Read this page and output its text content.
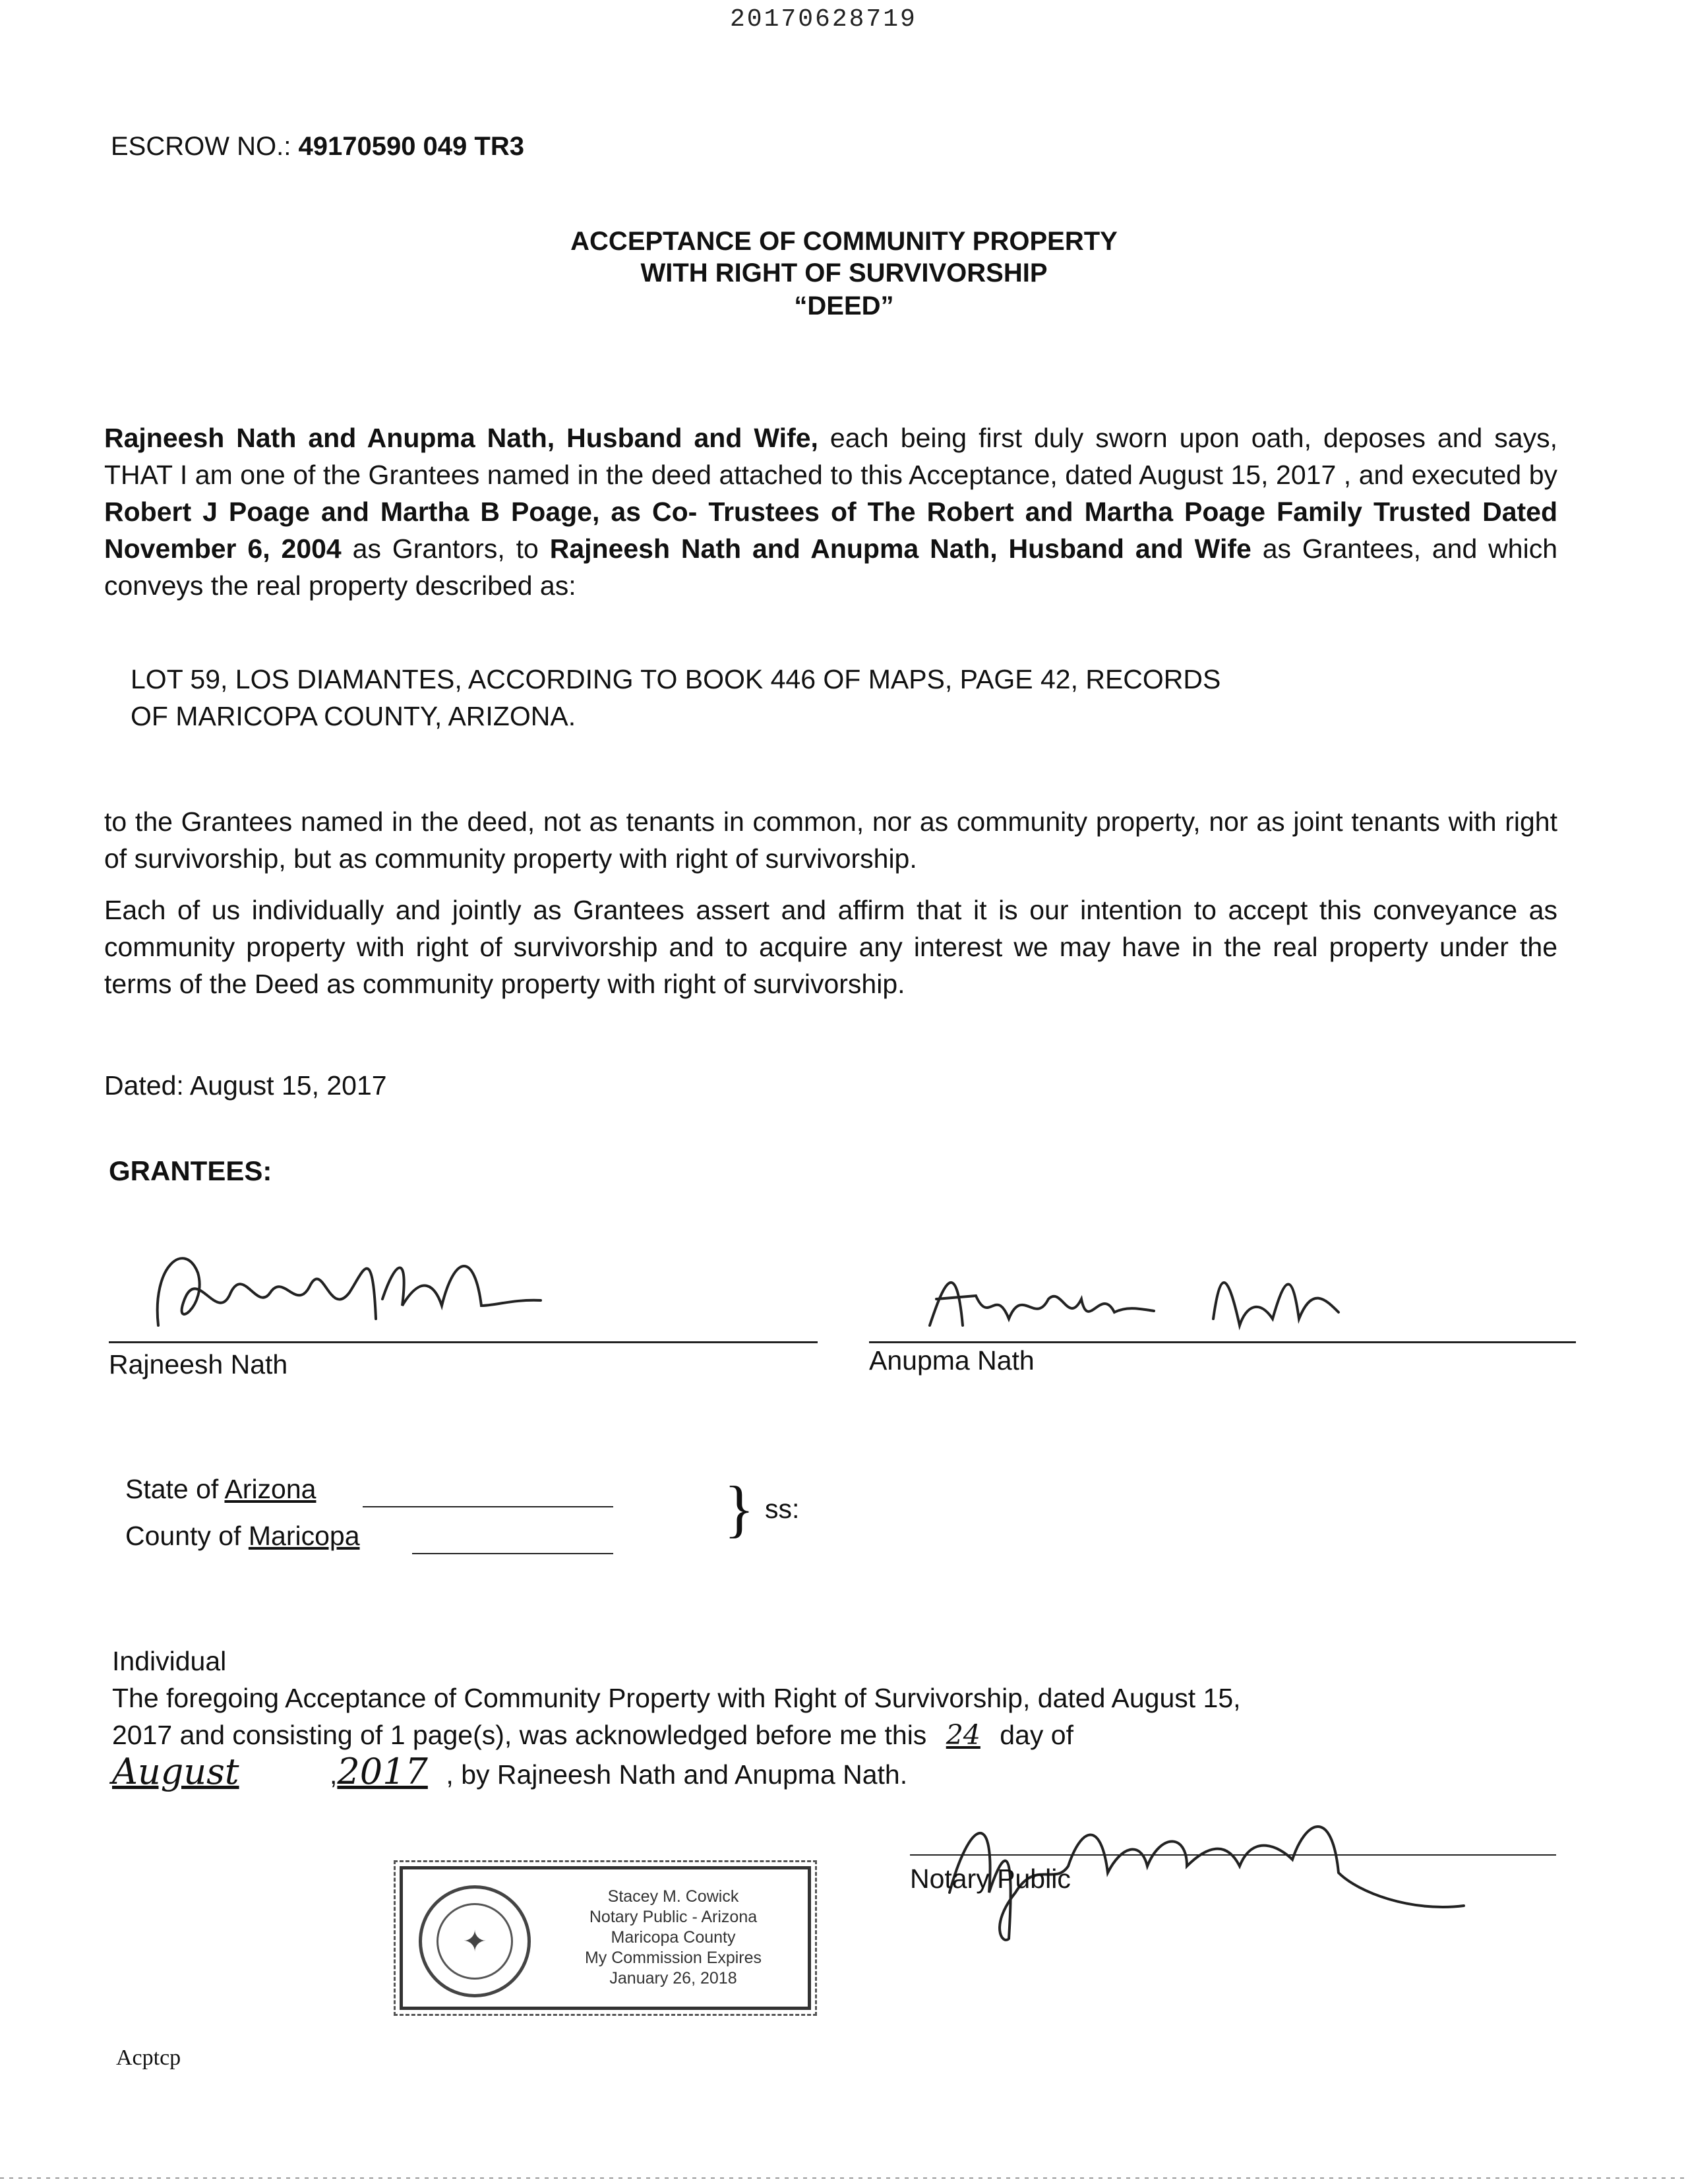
20170628719
ESCROW NO.: 49170590 049 TR3
ACCEPTANCE OF COMMUNITY PROPERTY
WITH RIGHT OF SURVIVORSHIP
“DEED”
Rajneesh Nath and Anupma Nath, Husband and Wife, each being first duly sworn upon oath, deposes and says, THAT I am one of the Grantees named in the deed attached to this Acceptance, dated August 15, 2017 , and executed by Robert J Poage and Martha B Poage, as Co- Trustees of The Robert and Martha Poage Family Trusted Dated November 6, 2004 as Grantors, to Rajneesh Nath and Anupma Nath, Husband and Wife as Grantees, and which conveys the real property described as:
LOT 59, LOS DIAMANTES, ACCORDING TO BOOK 446 OF MAPS, PAGE 42, RECORDS
OF MARICOPA COUNTY, ARIZONA.
to the Grantees named in the deed, not as tenants in common, nor as community property, nor as joint tenants with right of survivorship, but as community property with right of survivorship.
Each of us individually and jointly as Grantees assert and affirm that it is our intention to accept this conveyance as community property with right of survivorship and to acquire any interest we may have in the real property under the terms of the Deed as community property with right of survivorship.
Dated: August 15, 2017
GRANTEES:
Rajneesh Nath	Anupma Nath
State of Arizona
County of Maricopa	} ss:
Individual
The foregoing Acceptance of Community Property with Right of Survivorship, dated August 15,
2017 and consisting of 1 page(s), was acknowledged before me this 24 day of
August	,2017 , by Rajneesh Nath and Anupma Nath.
Notary Public
✦
Stacey M. Cowick
Notary Public - Arizona
Maricopa County
My Commission Expires
January 26, 2018
Acptcp
